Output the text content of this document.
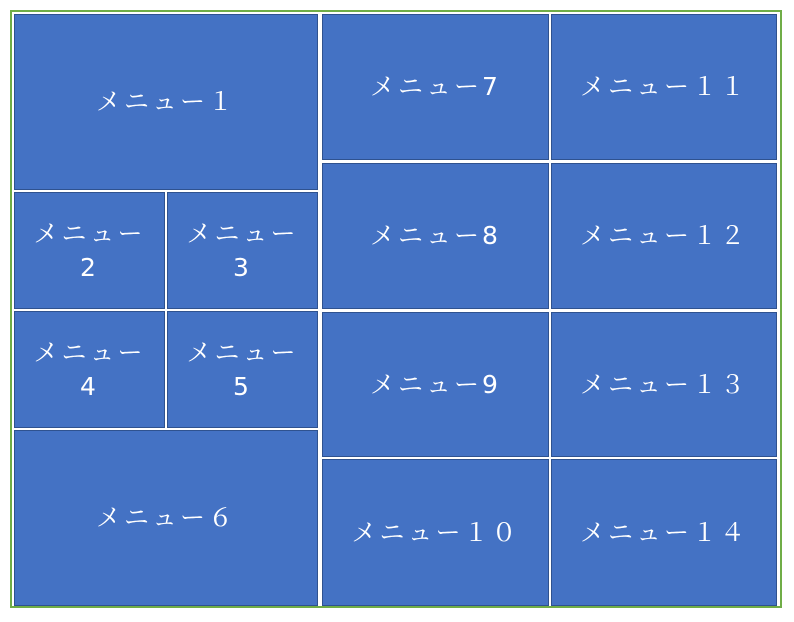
メニュー１
メニュー
2
メニュー
3
メニュー
4
メニュー
5
メニュー６
メニュー7
メニュー8
メニュー9
メニュー１０
メニュー１１
メニュー１２
メニュー１３
メニュー１４
